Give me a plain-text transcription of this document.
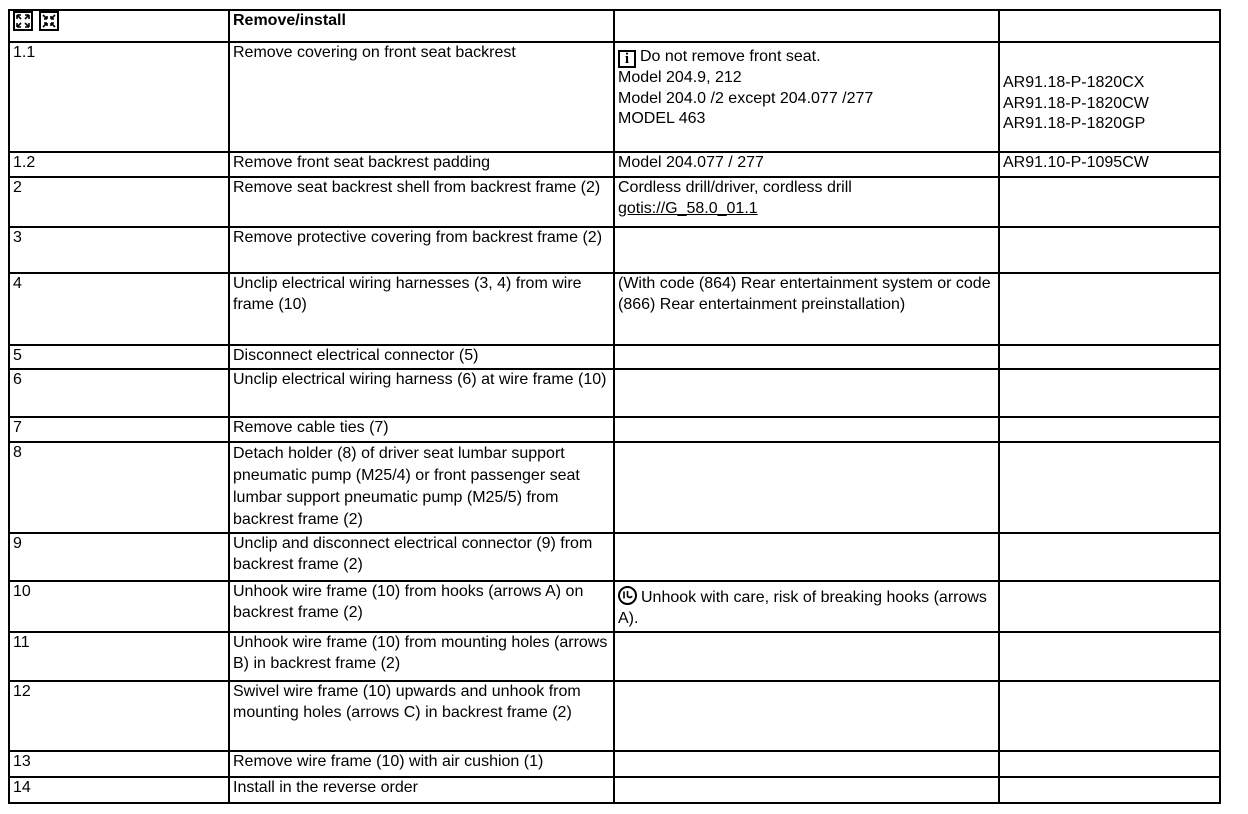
	Remove/install		
1.1	Remove covering on front seat backrest	i Do not remove front seat.
Model 204.9, 212
Model 204.0 /2 except 204.077 /277
MODEL 463	AR91.18-P-1820CX
AR91.18-P-1820CW
AR91.18-P-1820GP

1.2	Remove front seat backrest padding	Model 204.077 / 277	AR91.10-P-1095CW
2	Remove seat backrest shell from backrest frame (2)	Cordless drill/driver, cordless drill
gotis://G_58.0_01.1	

3	Remove protective covering from backrest frame (2)		
4	Unclip electrical wiring harnesses (3, 4) from wire frame (10)	(With code (864) Rear entertainment system or code (866) Rear entertainment preinstallation)	
5	Disconnect electrical connector (5)		
6	Unclip electrical wiring harness (6) at wire frame (10)		
7	Remove cable ties (7)		
8	Detach holder (8) of driver seat lumbar support pneumatic pump (M25/4) or front passenger seat lumbar support pneumatic pump (M25/5) from backrest frame (2)		
9	Unclip and disconnect electrical connector (9) from backrest frame (2)		
10	Unhook wire frame (10) from hooks (arrows A) on backrest frame (2)	Unhook with care, risk of breaking hooks (arrows A).	
11	Unhook wire frame (10) from mounting holes (arrows B) in backrest frame (2)		
12	Swivel wire frame (10) upwards and unhook from mounting holes (arrows C) in backrest frame (2)		
13	Remove wire frame (10) with air cushion (1)		
14	Install in the reverse order		
